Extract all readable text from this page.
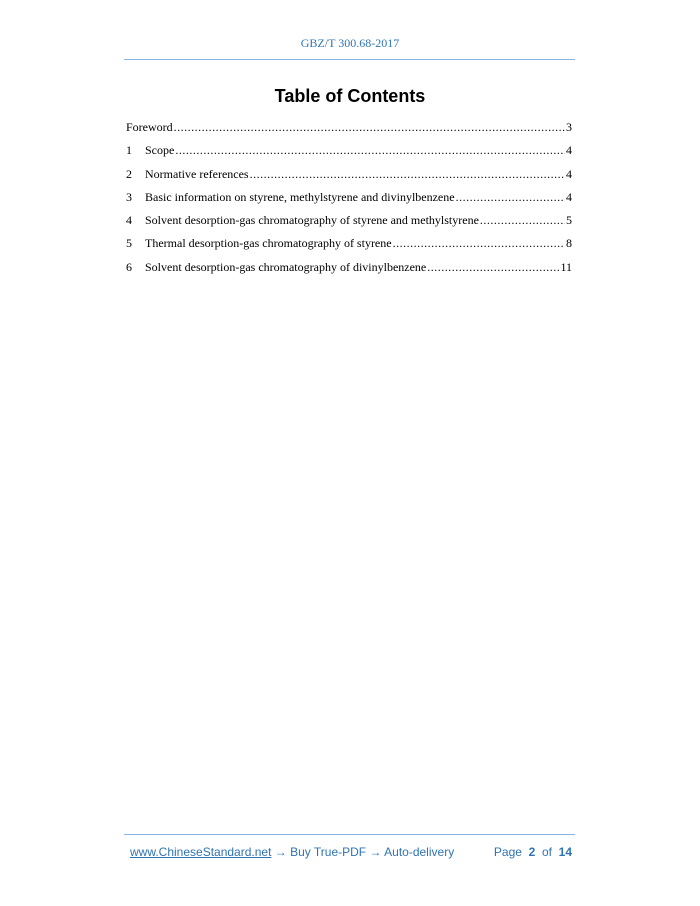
GBZ/T 300.68-2017
Table of Contents
Foreword .....	3
1	Scope .....	4
2	Normative references .....	4
3	Basic information on styrene, methylstyrene and divinylbenzene .....	4
4	Solvent desorption-gas chromatography of styrene and methylstyrene .....	5
5	Thermal desorption-gas chromatography of styrene .....	8
6	Solvent desorption-gas chromatography of divinylbenzene .....	11
www.ChineseStandard.net → Buy True-PDF → Auto-delivery	Page 2 of 14
